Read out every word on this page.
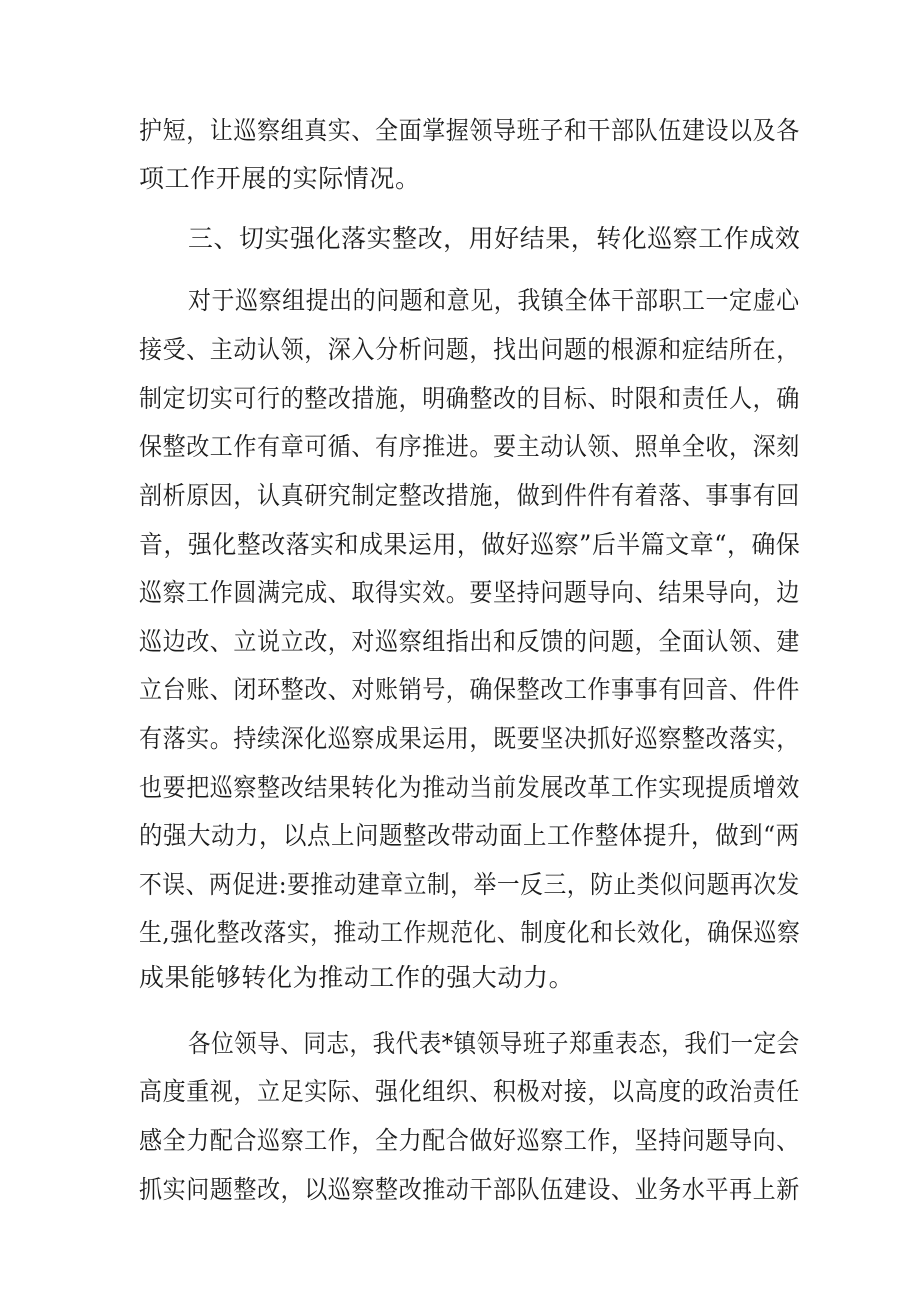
护短，让巡察组真实、全面掌握领导班子和干部队伍建设以及各

项工作开展的实际情况。

三、切实强化落实整改，用好结果，转化巡察工作成效

对于巡察组提出的问题和意见，我镇全体干部职工一定虚心

接受、主动认领，深入分析问题，找出问题的根源和症结所在，

制定切实可行的整改措施，明确整改的目标、时限和责任人，确

保整改工作有章可循、有序推进。要主动认领、照单全收，深刻

剖析原因，认真研究制定整改措施，做到件件有着落、事事有回

音，强化整改落实和成果运用，做好巡察”后半篇文章“，确保

巡察工作圆满完成、取得实效。要坚持问题导向、结果导向，边

巡边改、立说立改，对巡察组指出和反馈的问题，全面认领、建

立台账、闭环整改、对账销号，确保整改工作事事有回音、件件

有落实。持续深化巡察成果运用，既要坚决抓好巡察整改落实，

也要把巡察整改结果转化为推动当前发展改革工作实现提质增效

的强大动力，以点上问题整改带动面上工作整体提升，做到“两

不误、两促进:要推动建章立制，举一反三，防止类似问题再次发

生,强化整改落实，推动工作规范化、制度化和长效化，确保巡察

成果能够转化为推动工作的强大动力。

各位领导、同志，我代表*镇领导班子郑重表态，我们一定会

高度重视，立足实际、强化组织、积极对接，以高度的政治责任

感全力配合巡察工作，全力配合做好巡察工作，坚持问题导向、

抓实问题整改，以巡察整改推动干部队伍建设、业务水平再上新
